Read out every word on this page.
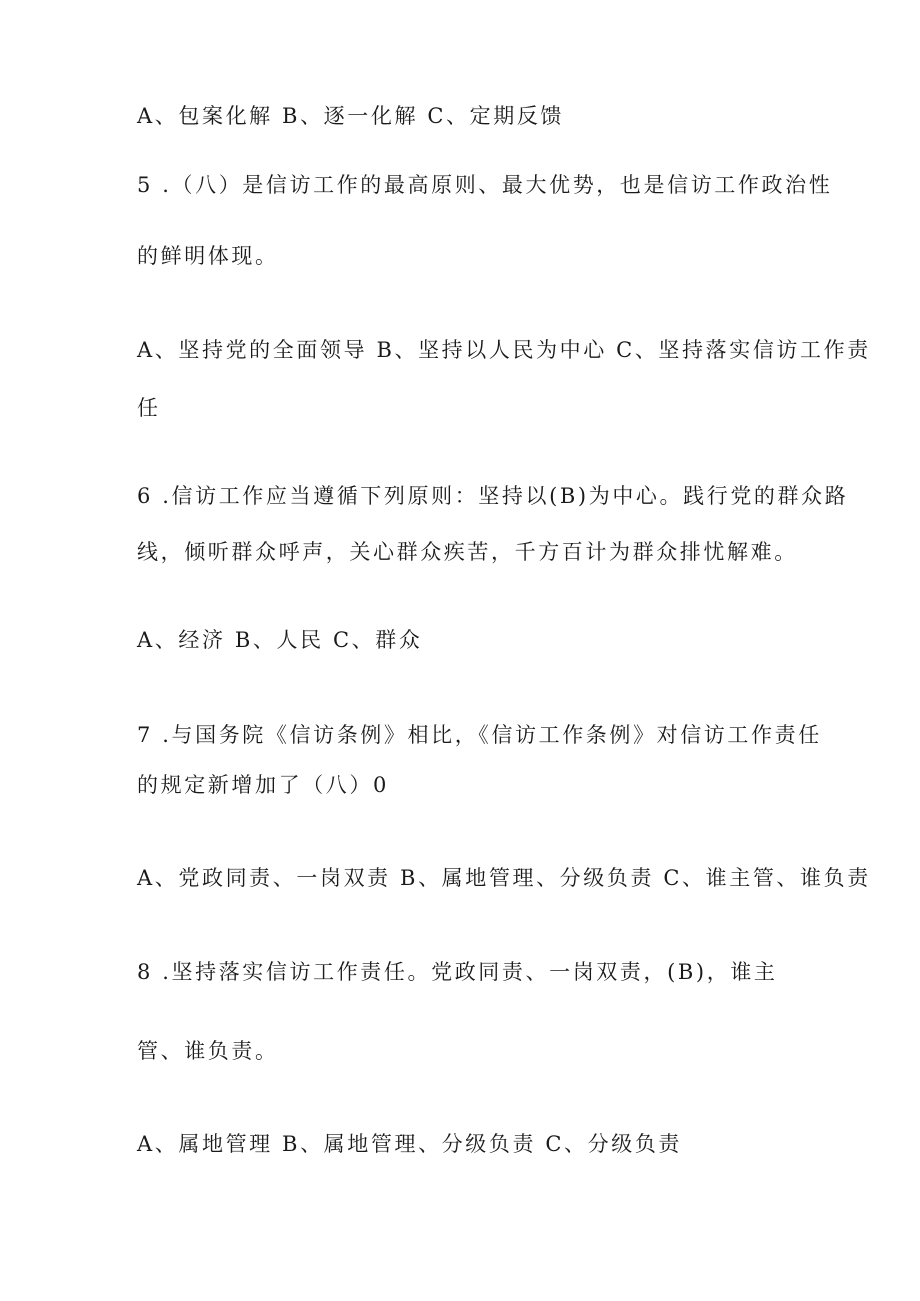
A、包案化解 B、逐一化解 C、定期反馈
5 .（八）是信访工作的最高原则、最大优势，也是信访工作政治性
的鲜明体现。
A、坚持党的全面领导 B、坚持以人民为中心 C、坚持落实信访工作责
任
6 .信访工作应当遵循下列原则：坚持以(B)为中心。践行党的群众路
线，倾听群众呼声，关心群众疾苦，千方百计为群众排忧解难。
A、经济 B、人民 C、群众
7 .与国务院《信访条例》相比，《信访工作条例》对信访工作责任
的规定新增加了（八）0
A、党政同责、一岗双责 B、属地管理、分级负责 C、谁主管、谁负责
8 .坚持落实信访工作责任。党政同责、一岗双责，(B)，谁主
管、谁负责。
A、属地管理 B、属地管理、分级负责 C、分级负责
